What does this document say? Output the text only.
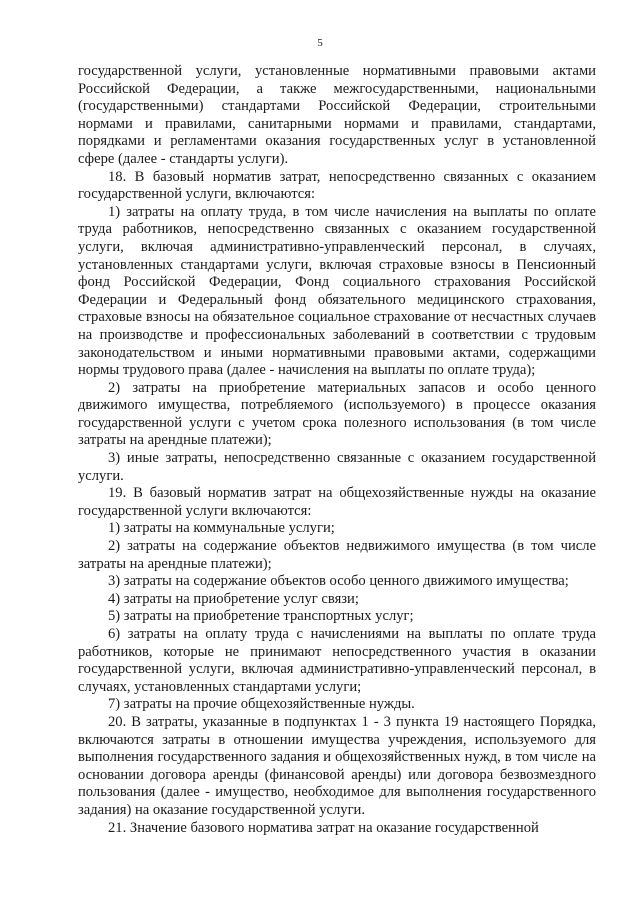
5

государственной услуги, установленные нормативными правовыми актами Российской Федерации, а также межгосударственными, национальными (государственными) стандартами Российской Федерации, строительными нормами и правилами, санитарными нормами и правилами, стандартами, порядками и регламентами оказания государственных услуг в установленной сфере (далее - стандарты услуги).

18. В базовый норматив затрат, непосредственно связанных с оказанием государственной услуги, включаются:

1) затраты на оплату труда, в том числе начисления на выплаты по оплате труда работников, непосредственно связанных с оказанием государственной услуги, включая административно-управленческий персонал, в случаях, установленных стандартами услуги, включая страховые взносы в Пенсионный фонд Российской Федерации, Фонд социального страхования Российской Федерации и Федеральный фонд обязательного медицинского страхования, страховые взносы на обязательное социальное страхование от несчастных случаев на производстве и профессиональных заболеваний в соответствии с трудовым законодательством и иными нормативными правовыми актами, содержащими нормы трудового права (далее - начисления на выплаты по оплате труда);

2) затраты на приобретение материальных запасов и особо ценного движимого имущества, потребляемого (используемого) в процессе оказания государственной услуги с учетом срока полезного использования (в том числе затраты на арендные платежи);

3) иные затраты, непосредственно связанные с оказанием государственной услуги.

19. В базовый норматив затрат на общехозяйственные нужды на оказание государственной услуги включаются:

1) затраты на коммунальные услуги;

2) затраты на содержание объектов недвижимого имущества (в том числе затраты на арендные платежи);

3) затраты на содержание объектов особо ценного движимого имущества;

4) затраты на приобретение услуг связи;

5) затраты на приобретение транспортных услуг;

6) затраты на оплату труда с начислениями на выплаты по оплате труда работников, которые не принимают непосредственного участия в оказании государственной услуги, включая административно-управленческий персонал, в случаях, установленных стандартами услуги;

7) затраты на прочие общехозяйственные нужды.

20. В затраты, указанные в подпунктах 1 - 3 пункта 19 настоящего Порядка, включаются затраты в отношении имущества учреждения, используемого для выполнения государственного задания и общехозяйственных нужд, в том числе на основании договора аренды (финансовой аренды) или договора безвозмездного пользования (далее - имущество, необходимое для выполнения государственного задания) на оказание государственной услуги.

21. Значение базового норматива затрат на оказание государственной
